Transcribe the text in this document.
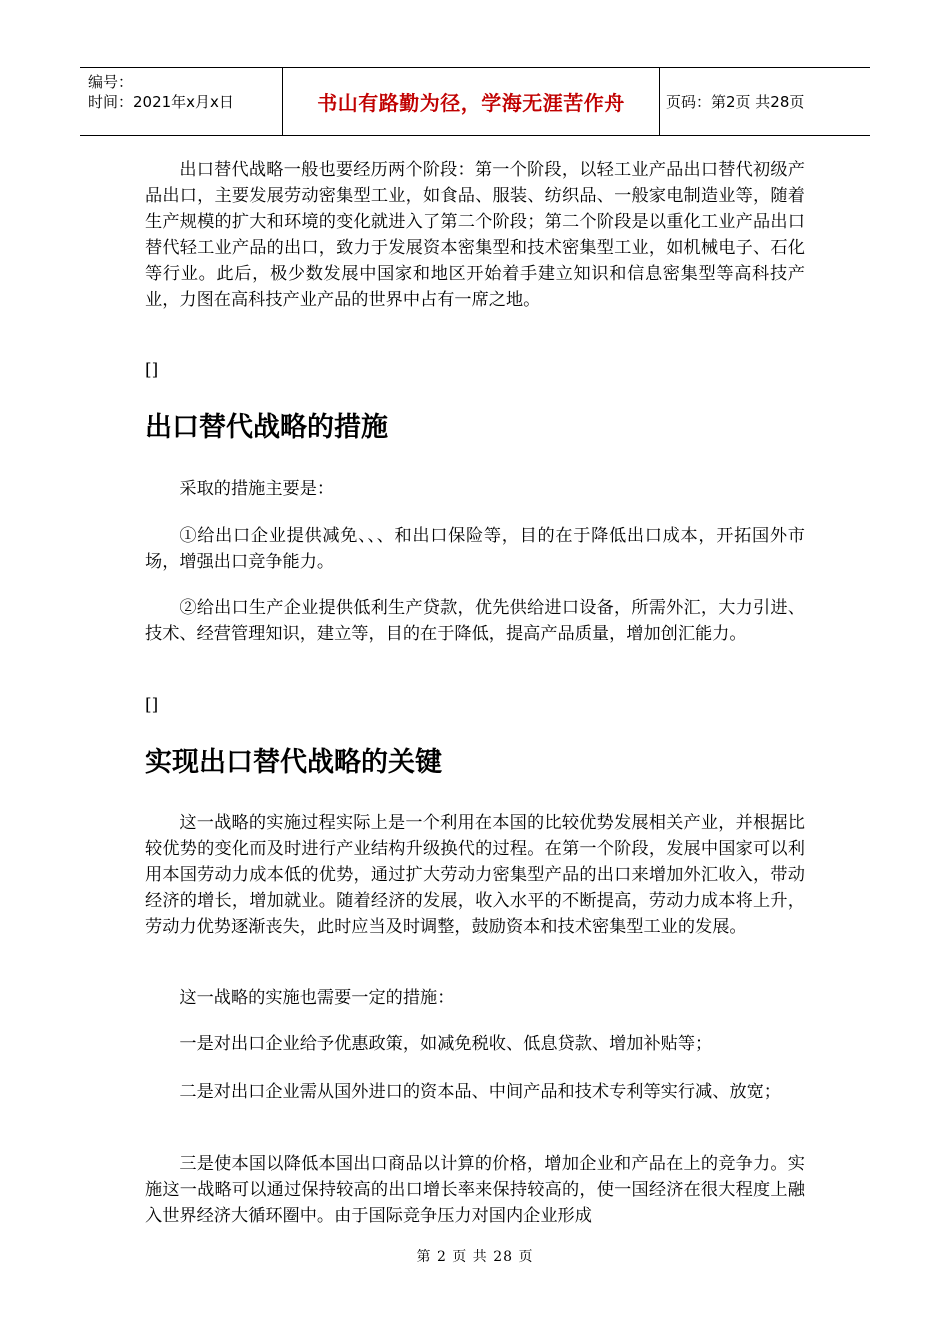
编号：
时间：2021年x月x日	书山有路勤为径，学海无涯苦作舟	页码：第2页 共28页

出口替代战略一般也要经历两个阶段：第一个阶段，以轻工业产品出口替代初级产品出口，主要发展劳动密集型工业，如食品、服装、纺织品、一般家电制造业等，随着生产规模的扩大和环境的变化就进入了第二个阶段；第二个阶段是以重化工业产品出口替代轻工业产品的出口，致力于发展资本密集型和技术密集型工业，如机械电子、石化等行业。此后，极少数发展中国家和地区开始着手建立知识和信息密集型等高科技产业，力图在高科技产业产品的世界中占有一席之地。

[]
出口替代战略的措施

采取的措施主要是：

①给出口企业提供减免、、、和出口保险等，目的在于降低出口成本，开拓国外市场，增强出口竞争能力。

②给出口生产企业提供低利生产贷款，优先供给进口设备，所需外汇，大力引进、技术、经营管理知识，建立等，目的在于降低，提高产品质量，增加创汇能力。

[]
实现出口替代战略的关键

这一战略的实施过程实际上是一个利用在本国的比较优势发展相关产业，并根据比较优势的变化而及时进行产业结构升级换代的过程。在第一个阶段，发展中国家可以利用本国劳动力成本低的优势，通过扩大劳动力密集型产品的出口来增加外汇收入，带动经济的增长，增加就业。随着经济的发展，收入水平的不断提高，劳动力成本将上升，劳动力优势逐渐丧失，此时应当及时调整，鼓励资本和技术密集型工业的发展。

这一战略的实施也需要一定的措施：

一是对出口企业给予优惠政策，如减免税收、低息贷款、增加补贴等；

二是对出口企业需从国外进口的资本品、中间产品和技术专利等实行减、放宽；

三是使本国以降低本国出口商品以计算的价格，增加企业和产品在上的竞争力。实施这一战略可以通过保持较高的出口增长率来保持较高的，使一国经济在很大程度上融入世界经济大循环圈中。由于国际竞争压力对国内企业形成

第 2 页 共 28 页
